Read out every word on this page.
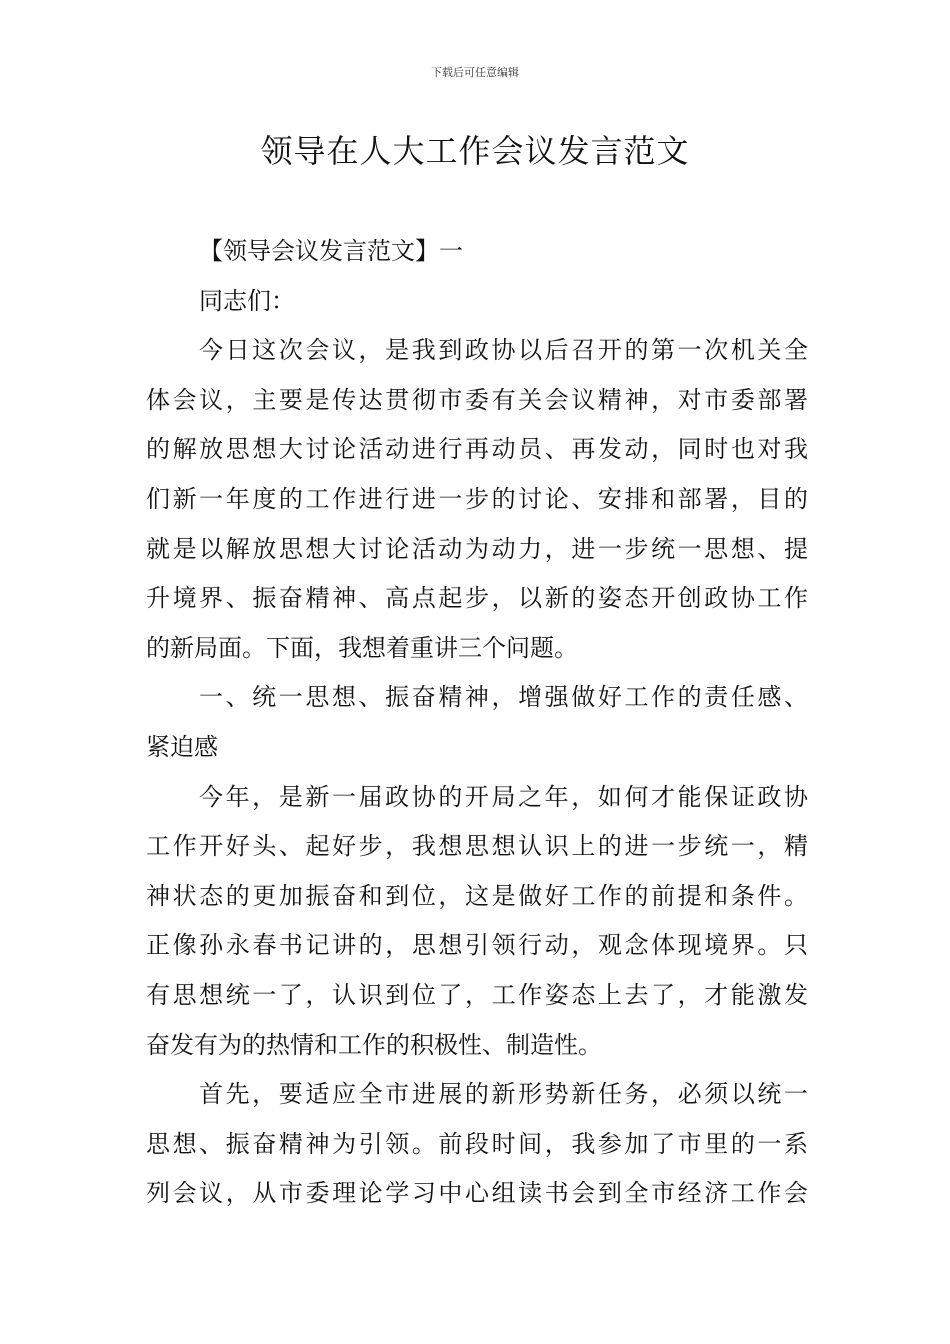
下载后可任意编辑
领导在人大工作会议发言范文
【领导会议发言范文】一
同志们：
今日这次会议，是我到政协以后召开的第一次机关全
体会议，主要是传达贯彻市委有关会议精神，对市委部署
的解放思想大讨论活动进行再动员、再发动，同时也对我
们新一年度的工作进行进一步的讨论、安排和部署，目的
就是以解放思想大讨论活动为动力，进一步统一思想、提
升境界、振奋精神、高点起步，以新的姿态开创政协工作
的新局面。下面，我想着重讲三个问题。
一、统一思想、振奋精神，增强做好工作的责任感、
紧迫感
今年，是新一届政协的开局之年，如何才能保证政协
工作开好头、起好步，我想思想认识上的进一步统一，精
神状态的更加振奋和到位，这是做好工作的前提和条件。
正像孙永春书记讲的，思想引领行动，观念体现境界。只
有思想统一了，认识到位了，工作姿态上去了，才能激发
奋发有为的热情和工作的积极性、制造性。
首先，要适应全市进展的新形势新任务，必须以统一
思想、振奋精神为引领。前段时间，我参加了市里的一系
列会议，从市委理论学习中心组读书会到全市经济工作会
